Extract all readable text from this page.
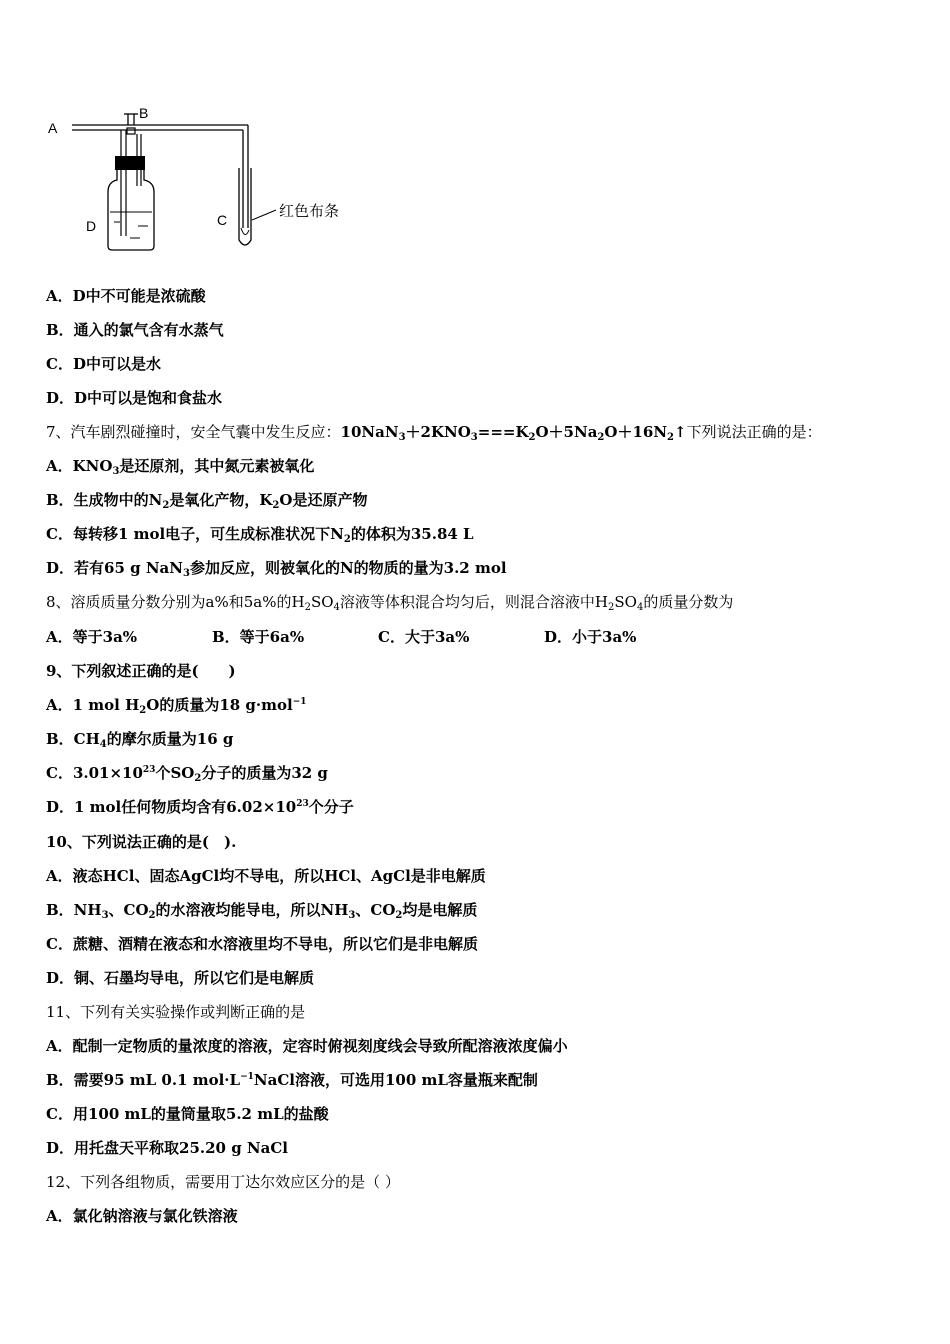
A
B
D	C	红色布条
A．D中不可能是浓硫酸
B．通入的氯气含有水蒸气
C．D中可以是水
D．D中可以是饱和食盐水
7、汽车剧烈碰撞时，安全气囊中发生反应：$10NaN_3+2KNO_3===K_2O+5Na_2O+16N_2↑$下列说法正确的是：
A．$KNO_3$是还原剂，其中氮元素被氧化
B．生成物中的$N_2$是氧化产物，$K_2O$是还原产物
C．每转移1 mol电子，可生成标准状况下$N_2$的体积为35.84 L
D．若有65 g NaN$_3$参加反应，则被氧化的N的物质的量为3.2 mol
8、溶质质量分数分别为a%和5a%的$H_2SO_4$溶液等体积混合均匀后，则混合溶液中$H_2SO_4$的质量分数为
A．等于3a%	B．等于6a%	C．大于3a%	D．小于3a%
9、下列叙述正确的是(　　)
A．1 mol $H_2O$的质量为18 g·mol$^{-1}$
B．$CH_4$的摩尔质量为16 g
C．$3.01\times 10^{23}$个$SO_2$分子的质量为32 g
D．1 mol任何物质均含有$6.02\times 10^{23}$个分子
10、下列说法正确的是(　).
A．液态HCl、固态AgCl均不导电，所以HCl、AgCl是非电解质
B．$NH_3$、$CO_2$的水溶液均能导电，所以$NH_3$、$CO_2$均是电解质
C．蔗糖、酒精在液态和水溶液里均不导电，所以它们是非电解质
D．铜、石墨均导电，所以它们是电解质
11、下列有关实验操作或判断正确的是
A．配制一定物质的量浓度的溶液，定容时俯视刻度线会导致所配溶液浓度偏小
B．需要95 mL 0.1 $mol\cdot L^{-1}NaCl$溶液，可选用100 mL容量瓶来配制
C．用100 mL的量筒量取5.2 mL的盐酸
D．用托盘天平称取25.20 g NaCl
12、下列各组物质，需要用丁达尔效应区分的是（ ）
A．氯化钠溶液与氯化铁溶液
